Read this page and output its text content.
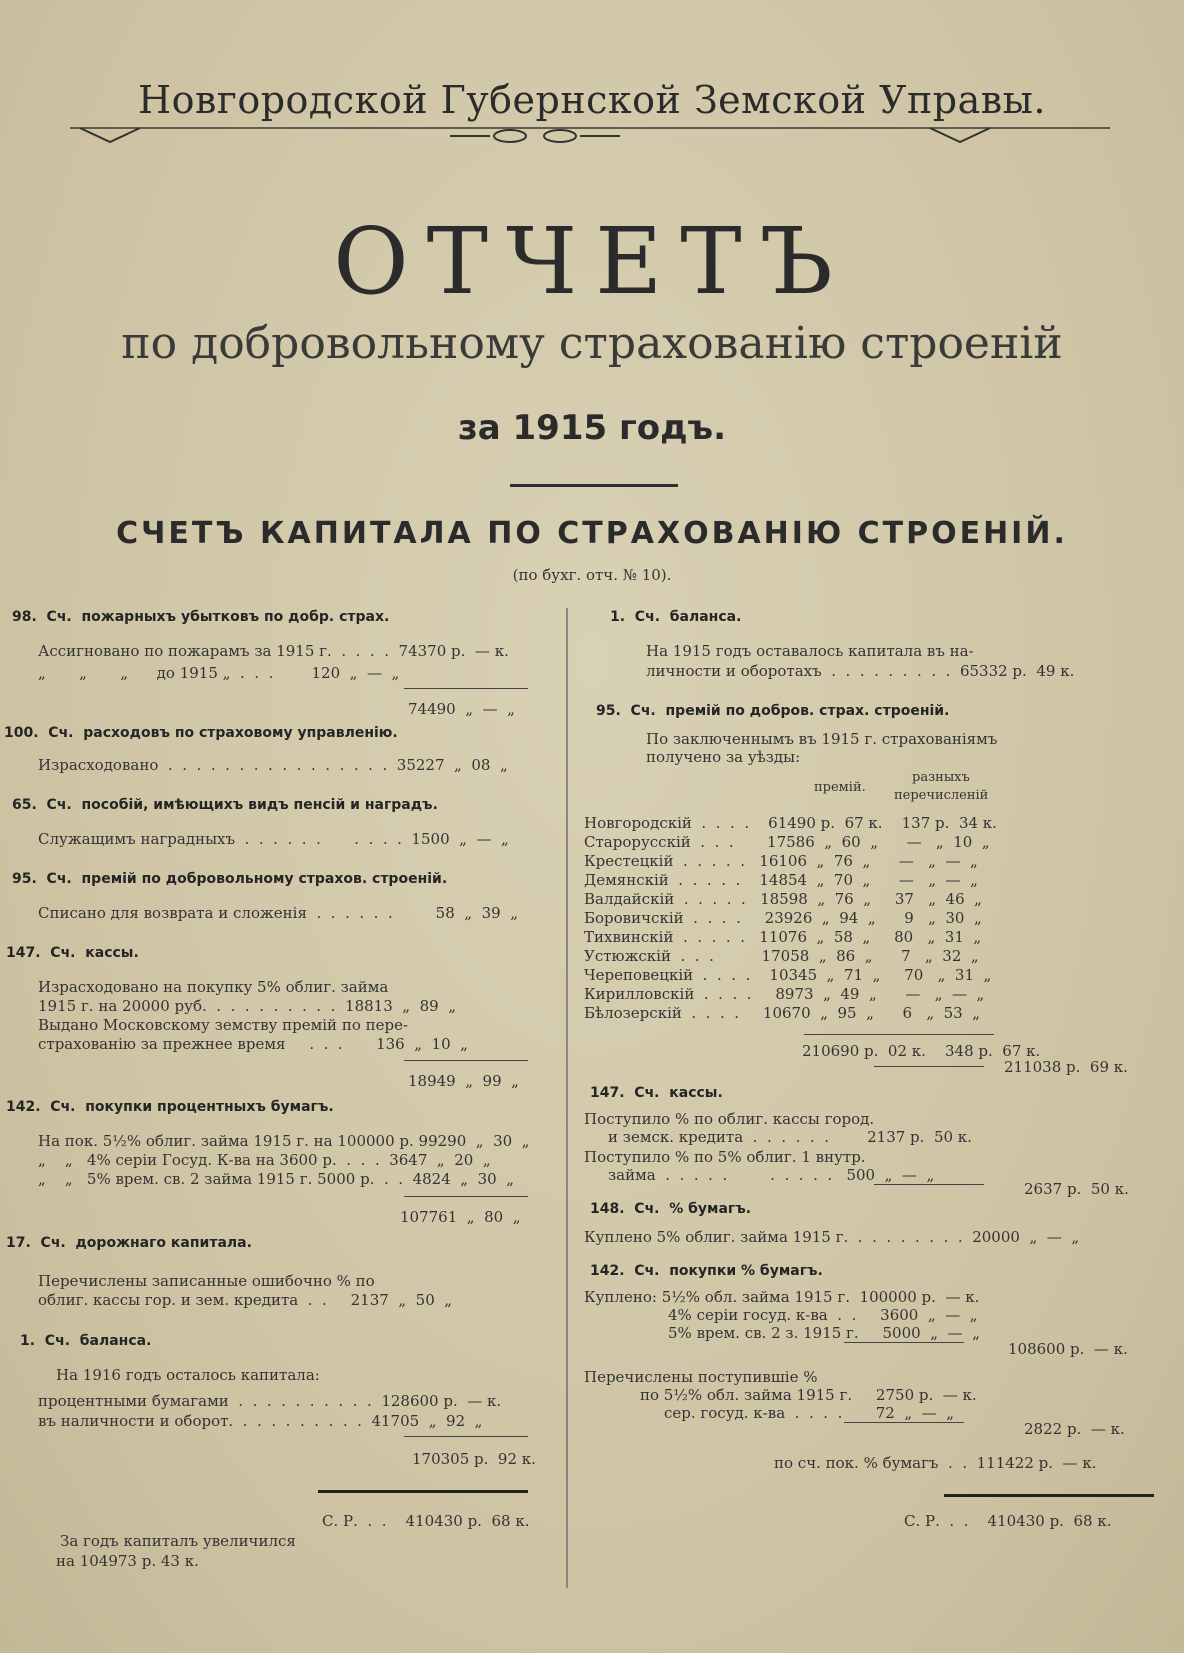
Новгородской Губернской Земской Управы.
ОТЧЕТЪ
по добровольному страхованію строеній
за 1915 годъ.
СЧЕТЪ КАПИТАЛА ПО СТРАХОВАНІЮ СТРОЕНІЙ.
(по бухг. отч. № 10).
98.  Сч.  пожарныхъ убытковъ по добр. страх.
Ассигновано по пожарамъ за 1915 г.  .  .  .  .  74370 р.  — к.
„       „       „      до 1915 „  .  .  .        120  „  —  „
74490  „  —  „
100.  Сч.  расходовъ по страховому управленію.
Израсходовано  .  .  .  .  .  .  .  .  .  .  .  .  .  .  .  .  35227  „  08  „
65.  Сч.  пособій, имѣющихъ видъ пенсій и наградъ.
Служащимъ наградныхъ  .  .  .  .  .  .       .  .  .  .  1500  „  —  „
95.  Сч.  премій по добровольному страхов. строеній.
Списано для возврата и сложенія  .  .  .  .  .  .         58  „  39  „
147.  Сч.  кассы.
Израсходовано на покупку 5% облиг. займа
1915 г. на 20000 руб.  .  .  .  .  .  .  .  .  .  18813  „  89  „
Выдано Московскому земству премій по пере-
страхованію за прежнее время     .  .  .       136  „  10  „
18949  „  99  „
142.  Сч.  покупки процентныхъ бумагъ.
На пок. 5½% облиг. займа 1915 г. на 100000 р. 99290  „  30  „
„    „   4% серіи Госуд. К-ва на 3600 р.  .  .  .  3647  „  20  „
„    „   5% врем. св. 2 займа 1915 г. 5000 р.  .  .  4824  „  30  „
107761  „  80  „
17.  Сч.  дорожнаго капитала.
Перечислены записанные ошибочно % по
облиг. кассы гор. и зем. кредита  .  .     2137  „  50  „
1.  Сч.  баланса.
На 1916 годъ осталось капитала:
процентными бумагами  .  .  .  .  .  .  .  .  .  .  128600 р.  — к.
въ наличности и оборот.  .  .  .  .  .  .  .  .  .  41705  „  92  „
170305 р.  92 к.
С. Р.  .  .    410430 р.  68 к.
За годъ капиталъ увеличился
на 104973 р. 43 к.
1.  Сч.  баланса.
На 1915 годъ оставалось капитала въ на-
личности и оборотахъ  .  .  .  .  .  .  .  .  .  65332 р.  49 к.
95.  Сч.  премій по добров. страх. строеній.
По заключеннымъ въ 1915 г. страхованіямъ
получено за уѣзды:
разныхъ
премій.
перечисленій
Новгородскій  .  .  .  .    61490 р.  67 к.    137 р.  34 к.
Старорусскій  .  .  .       17586  „  60  „      —   „  10  „
Крестецкій  .  .  .  .  .   16106  „  76  „      —   „  —  „
Демянскій  .  .  .  .  .    14854  „  70  „      —   „  —  „
Валдайскій  .  .  .  .  .   18598  „  76  „     37   „  46  „
Боровичскій  .  .  .  .     23926  „  94  „      9   „  30  „
Тихвинскій  .  .  .  .  .   11076  „  58  „     80   „  31  „
Устюжскій  .  .  .          17058  „  86  „      7   „  32  „
Череповецкій  .  .  .  .    10345  „  71  „     70   „  31  „
Кирилловскій  .  .  .  .     8973  „  49  „      —   „  —  „
Бѣлозерскій  .  .  .  .     10670  „  95  „      6   „  53  „
210690 р.  02 к.    348 р.  67 к.
211038 р.  69 к.
147.  Сч.  кассы.
Поступило % по облиг. кассы город.
и земск. кредита  .  .  .  .  .  .        2137 р.  50 к.
Поступило % по 5% облиг. 1 внутр.
займа  .  .  .  .  .         .  .  .  .  .   500  „  —  „
2637 р.  50 к.
148.  Сч.  % бумагъ.
Куплено 5% облиг. займа 1915 г.  .  .  .  .  .  .  .  .  20000  „  —  „
142.  Сч.  покупки % бумагъ.
Куплено: 5½% обл. займа 1915 г.  100000 р.  — к.
4% серіи госуд. к-ва  .  .     3600  „  —  „
5% врем. св. 2 з. 1915 г.     5000  „  —  „
108600 р.  — к.
Перечислены поступившіе %
по 5½% обл. займа 1915 г.     2750 р.  — к.
сер. госуд. к-ва  .  .  .  .       72  „  —  „
2822 р.  — к.
по сч. пок. % бумагъ  .  .  111422 р.  — к.
С. Р.  .  .    410430 р.  68 к.
